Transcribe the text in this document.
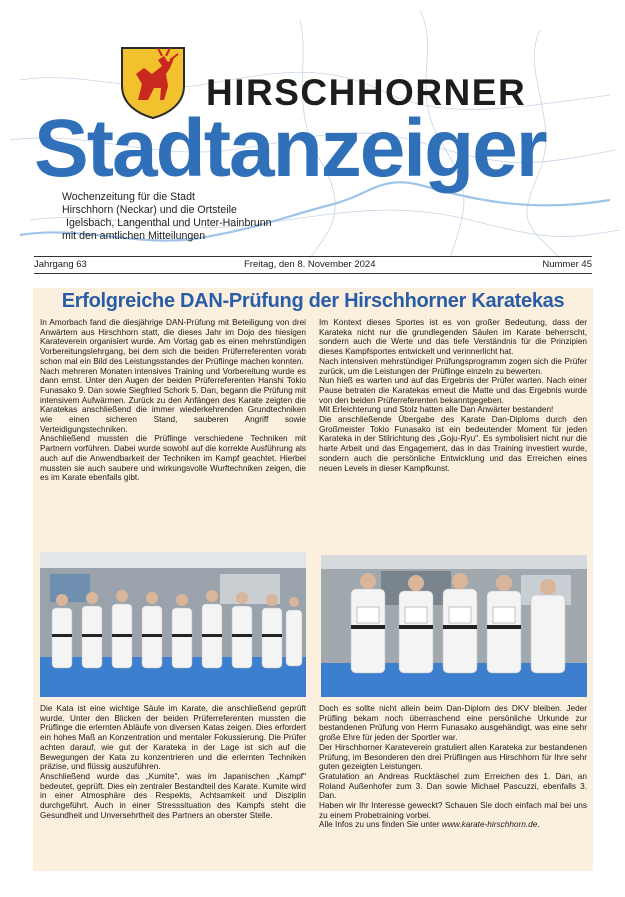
HIRSCHHORNER
Stadtanzeiger
Wochenzeitung für die Stadt
Hirschhorn (Neckar) und die Ortsteile
Igelsbach, Langenthal und Unter-Hainbrunn
mit den amtlichen Mitteilungen
Jahrgang 63	Freitag, den 8. November 2024	Nummer 45
Erfolgreiche DAN-Prüfung der Hirschhorner Karatekas

In Amorbach fand die diesjährige DAN-Prüfung mit Beteiligung von drei Anwärtern aus Hirschhorn statt, die dieses Jahr im Dojo des hiesigen Karateverein organisiert wurde. Am Vortag gab es einen mehrstündigen Vorbereitungslehrgang, bei dem sich die beiden Prüferreferenten vorab schon mal ein Bild des Leistungsstandes der Prüflinge machen konnten.

Nach mehreren Monaten intensives Training und Vorbereitung wurde es dann ernst. Unter den Augen der beiden Prüferreferenten Hanshi Tokio Funasako 9. Dan sowie Siegfried Schork 5. Dan, begann die Prüfung mit intensivem Aufwärmen. Zurück zu den Anfängen des Karate zeigten die Karatekas anschließend die immer wiederkehrenden Grundtechniken wie einen sicheren Stand, sauberen Angriff sowie Verteidigungstechniken.

Anschließend mussten die Prüflinge verschiedene Techniken mit Partnern vorführen. Dabei wurde sowohl auf die korrekte Ausführung als auch auf die Anwendbarkeit der Techniken im Kampf geachtet. Hierbei mussten sie auch saubere und wirkungsvolle Wurftechniken zeigen, die es im Karate ebenfalls gibt.

Im Kontext dieses Sportes ist es von großer Bedeutung, dass der Karateka nicht nur die grundlegenden Säulen im Karate beherrscht, sondern auch die Werte und das tiefe Verständnis für die Prinzipien dieses Kampfsportes entwickelt und verinnerlicht hat.

Nach intensiven mehrstündiger Prüfungsprogramm zogen sich die Prüfer zurück, um die Leistungen der Prüflinge einzeln zu bewerten.

Nun hieß es warten und auf das Ergebnis der Prüfer warten. Nach einer Pause betraten die Karatekas erneut die Matte und das Ergebnis wurde von den beiden Prüferreferenten bekanntgegeben.

Mit Erleichterung und Stolz hatten alle Dan Anwärter bestanden!

Die anschließende Übergabe des Karate Dan-Diploms durch den Großmeister Tokio Funasako ist ein bedeutender Moment für jeden Karateka in der Stilrichtung des „Goju-Ryu". Es symbolisiert nicht nur die harte Arbeit und das Engagement, das in das Training investiert wurde, sondern auch die persönliche Entwicklung und das Erreichen eines neuen Levels in dieser Kampfkunst.

Die Kata ist eine wichtige Säule im Karate, die anschließend geprüft wurde. Unter den Blicken der beiden Prüferreferenten mussten die Prüflinge die erlernten Abläufe von diversen Katas zeigen. Dies erfordert ein hohes Maß an Konzentration und mentaler Fokussierung. Die Prüfer achten darauf, wie gut der Karateka in der Lage ist sich auf die Bewegungen der Kata zu konzentrieren und die erlernten Techniken präzise, und flüssig auszuführen.

Anschließend wurde das „Kumite", was im Japanischen „Kampf" bedeutet, geprüft. Dies ein zentraler Bestandteil des Karate. Kumite wird in einer Atmosphäre des Respekts, Achtsamkeit und Disziplin durchgeführt. Auch in einer Stresssituation des Kampfs steht die Gesundheit und Unversehrtheit des Partners an oberster Stelle.

Doch es sollte nicht allein beim Dan-Diplom des DKV bleiben. Jeder Prüfling bekam noch überraschend eine persönliche Urkunde zur bestandenen Prüfung von Herrn Funasako ausgehändigt, was eine sehr große Ehre für jeden der Sportler war.

Der Hirschhorner Karateverein gratuliert allen Karateka zur bestandenen Prüfung, im Besonderen den drei Prüflingen aus Hirschhorn für Ihre sehr guten gezeigten Leistungen.

Gratulation an Andreas Rucktäschel zum Erreichen des 1. Dan, an Roland Außenhofer zum 3. Dan sowie Michael Pascuzzi, ebenfalls 3. Dan.

Haben wir Ihr Interesse geweckt? Schauen Sie doch einfach mal bei uns zu einem Probetraining vorbei.

Alle Infos zu uns finden Sie unter www.karate-hirschhorn.de.
